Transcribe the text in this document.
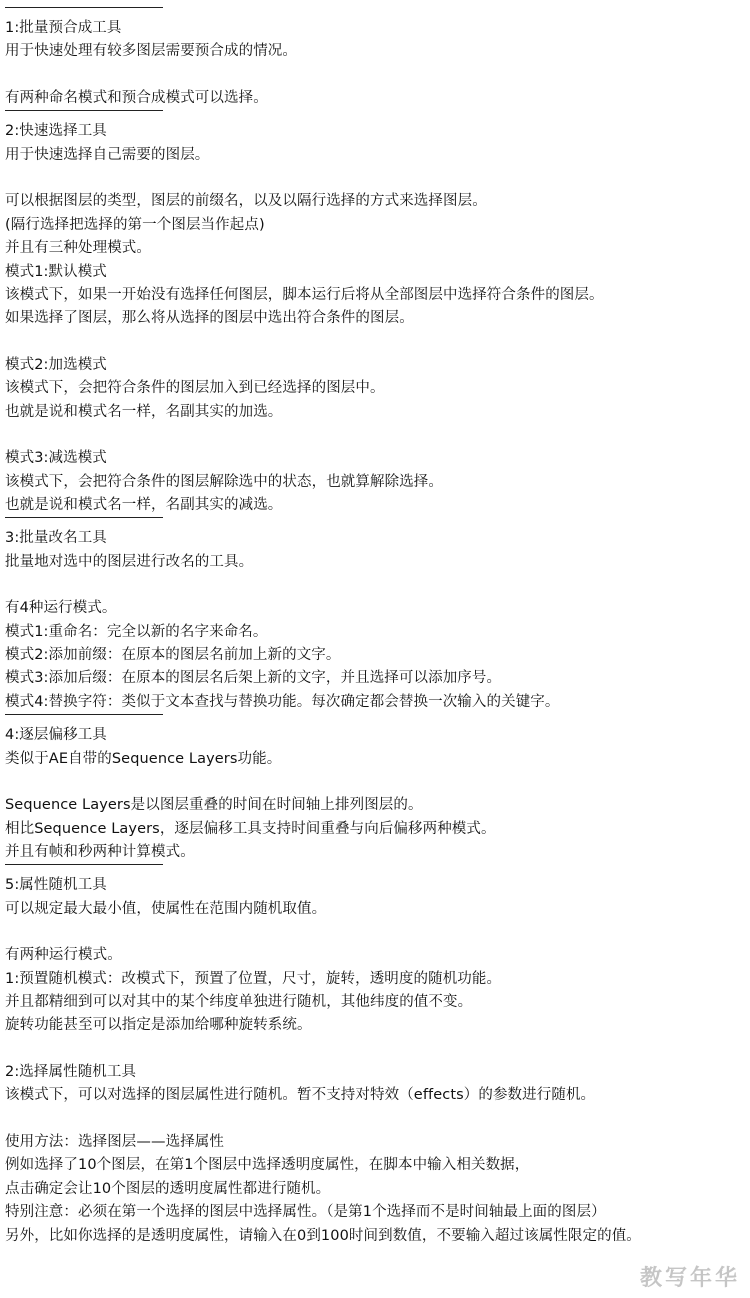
1:批量预合成工具
用于快速处理有较多图层需要预合成的情况。
有两种命名模式和预合成模式可以选择。
2:快速选择工具
用于快速选择自己需要的图层。
可以根据图层的类型，图层的前缀名，以及以隔行选择的方式来选择图层。
(隔行选择把选择的第一个图层当作起点)
并且有三种处理模式。
模式1:默认模式
该模式下，如果一开始没有选择任何图层，脚本运行后将从全部图层中选择符合条件的图层。
如果选择了图层，那么将从选择的图层中选出符合条件的图层。
模式2:加选模式
该模式下，会把符合条件的图层加入到已经选择的图层中。
也就是说和模式名一样，名副其实的加选。
模式3:减选模式
该模式下，会把符合条件的图层解除选中的状态，也就算解除选择。
也就是说和模式名一样，名副其实的减选。
3:批量改名工具
批量地对选中的图层进行改名的工具。
有4种运行模式。
模式1:重命名：完全以新的名字来命名。
模式2:添加前缀：在原本的图层名前加上新的文字。
模式3:添加后缀：在原本的图层名后架上新的文字，并且选择可以添加序号。
模式4:替换字符：类似于文本查找与替换功能。每次确定都会替换一次输入的关键字。
4:逐层偏移工具
类似于AE自带的Sequence Layers功能。
Sequence Layers是以图层重叠的时间在时间轴上排列图层的。
相比Sequence Layers，逐层偏移工具支持时间重叠与向后偏移两种模式。
并且有帧和秒两种计算模式。
5:属性随机工具
可以规定最大最小值，使属性在范围内随机取值。
有两种运行模式。
1:预置随机模式：改模式下，预置了位置，尺寸，旋转，透明度的随机功能。
并且都精细到可以对其中的某个纬度单独进行随机，其他纬度的值不变。
旋转功能甚至可以指定是添加给哪种旋转系统。
2:选择属性随机工具
该模式下，可以对选择的图层属性进行随机。暂不支持对特效（effects）的参数进行随机。
使用方法：选择图层——选择属性
例如选择了10个图层，在第1个图层中选择透明度属性，在脚本中输入相关数据，
点击确定会让10个图层的透明度属性都进行随机。
特别注意：必须在第一个选择的图层中选择属性。（是第1个选择而不是时间轴最上面的图层）
另外，比如你选择的是透明度属性，请输入在0到100时间到数值，不要输入超过该属性限定的值。
教写年华
